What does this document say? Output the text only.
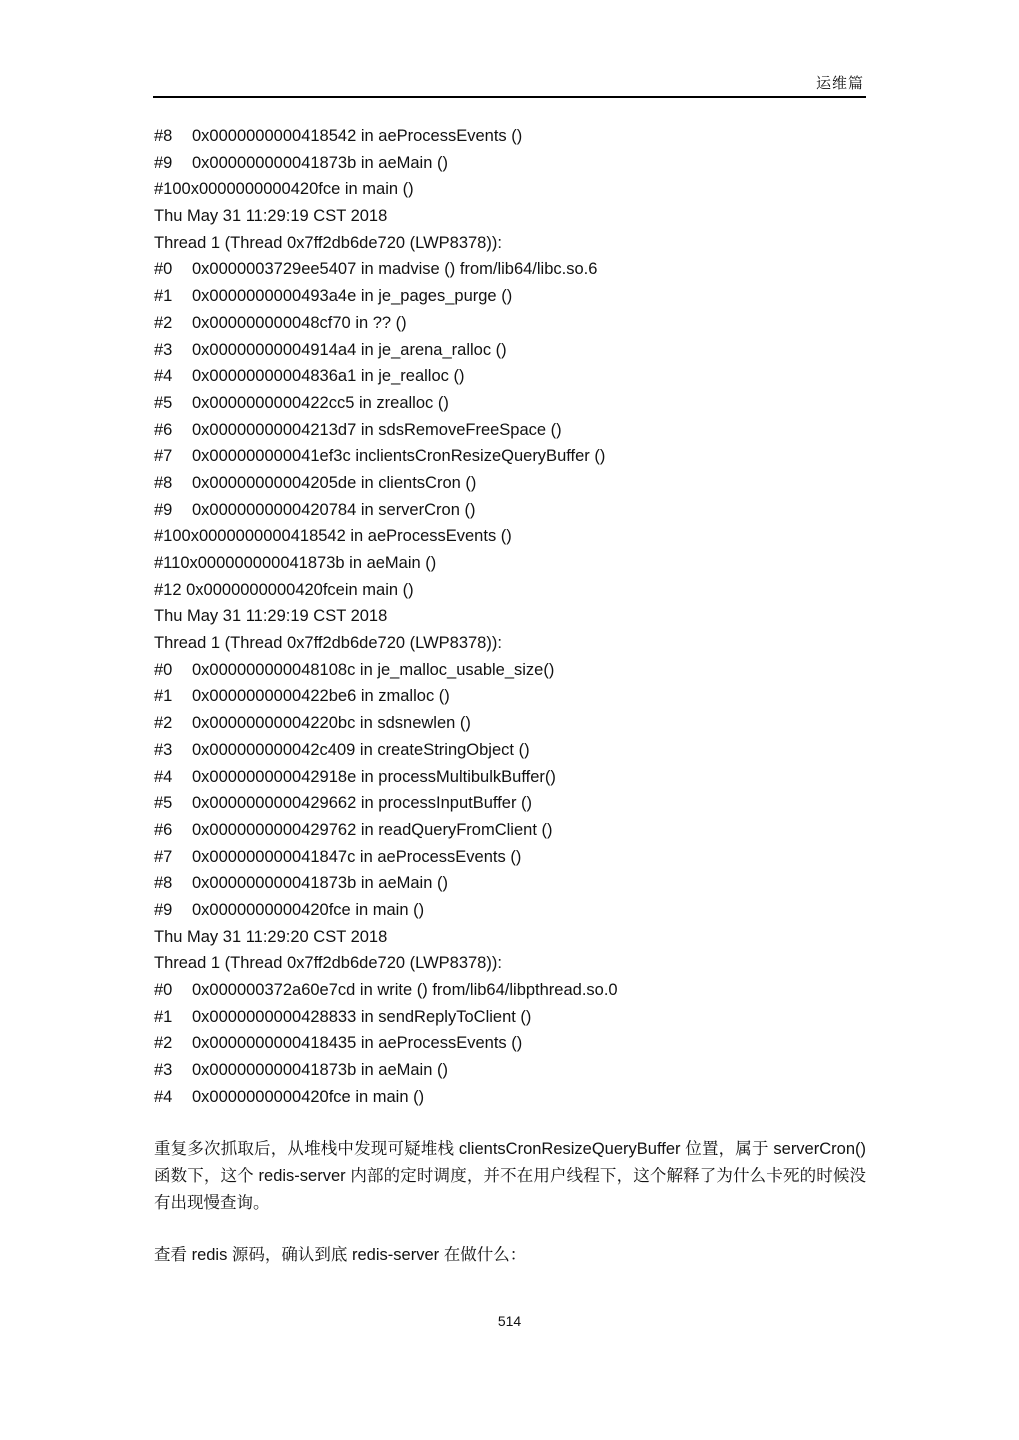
运维篇
#8 0x0000000000418542 in aeProcessEvents ()
#9 0x000000000041873b in aeMain ()
#100x0000000000420fce in main ()
Thu May 31 11:29:19 CST 2018
Thread 1 (Thread 0x7ff2db6de720 (LWP8378)):
#0 0x0000003729ee5407 in madvise () from/lib64/libc.so.6
#1 0x0000000000493a4e in je_pages_purge ()
#2 0x000000000048cf70 in ?? ()
#3 0x00000000004914a4 in je_arena_ralloc ()
#4 0x00000000004836a1 in je_realloc ()
#5 0x0000000000422cc5 in zrealloc ()
#6 0x00000000004213d7 in sdsRemoveFreeSpace ()
#7 0x000000000041ef3c inclientsCronResizeQueryBuffer ()
#8 0x00000000004205de in clientsCron ()
#9 0x0000000000420784 in serverCron ()
#100x0000000000418542 in aeProcessEvents ()
#110x000000000041873b in aeMain ()
#12 0x0000000000420fcein main ()
Thu May 31 11:29:19 CST 2018
Thread 1 (Thread 0x7ff2db6de720 (LWP8378)):
#0 0x000000000048108c in je_malloc_usable_size()
#1 0x0000000000422be6 in zmalloc ()
#2 0x00000000004220bc in sdsnewlen ()
#3 0x000000000042c409 in createStringObject ()
#4 0x000000000042918e in processMultibulkBuffer()
#5 0x0000000000429662 in processInputBuffer ()
#6 0x0000000000429762 in readQueryFromClient ()
#7 0x000000000041847c in aeProcessEvents ()
#8 0x000000000041873b in aeMain ()
#9 0x0000000000420fce in main ()
Thu May 31 11:29:20 CST 2018
Thread 1 (Thread 0x7ff2db6de720 (LWP8378)):
#0 0x000000372a60e7cd in write () from/lib64/libpthread.so.0
#1 0x0000000000428833 in sendReplyToClient ()
#2 0x0000000000418435 in aeProcessEvents ()
#3 0x000000000041873b in aeMain ()
#4 0x0000000000420fce in main ()

重复多次抓取后，从堆栈中发现可疑堆栈 clientsCronResizeQueryBuffer 位置，属于 serverCron()函数下，这个 redis-server 内部的定时调度，并不在用户线程下，这个解释了为什么卡死的时候没有出现慢查询。

查看 redis 源码，确认到底 redis-server 在做什么：

514
